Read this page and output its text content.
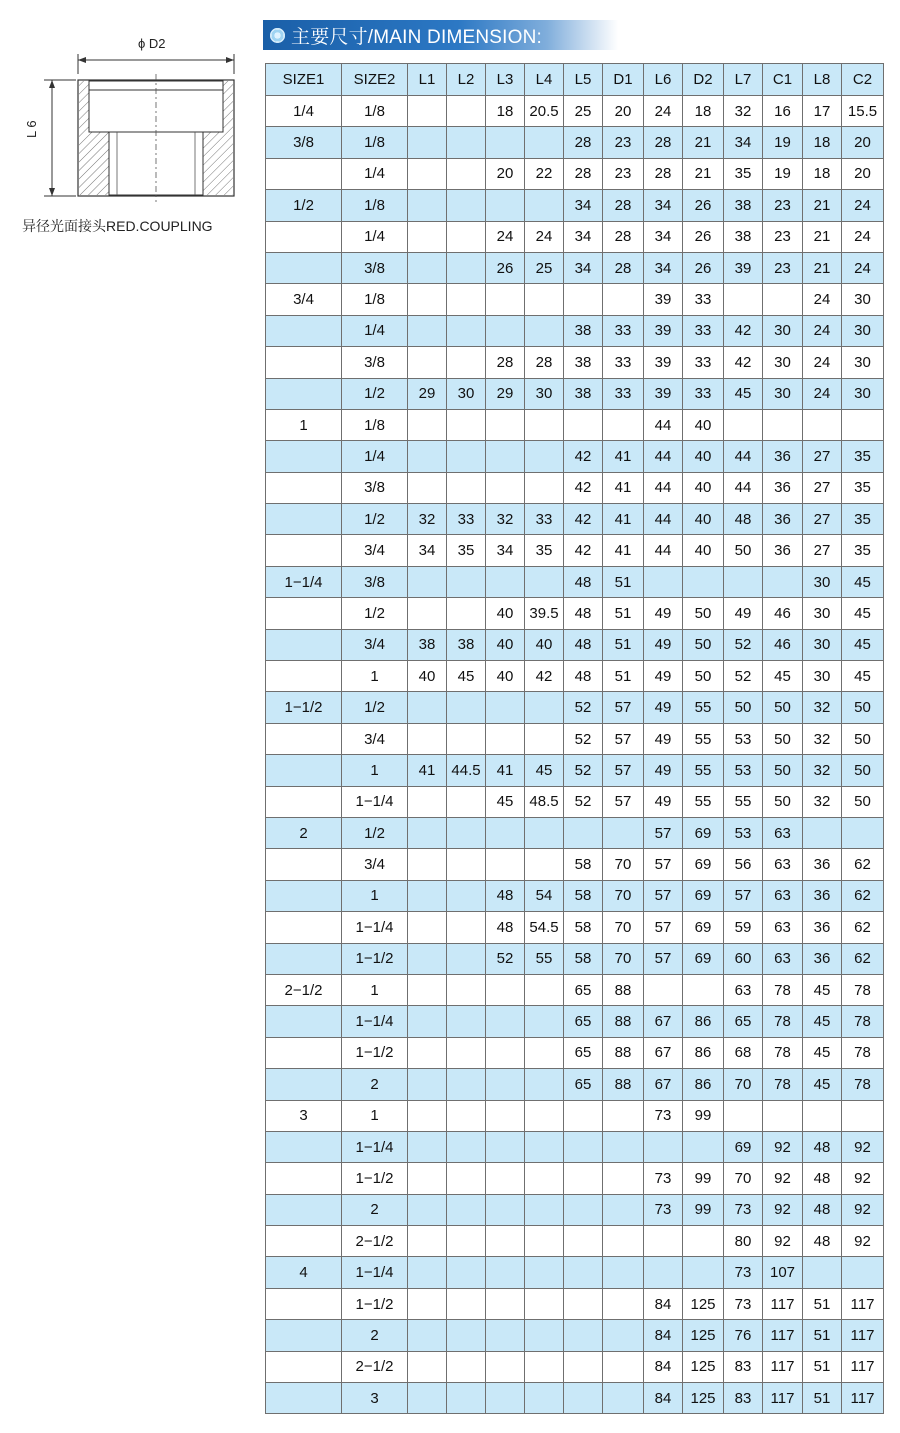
ϕ D2
L 6
异径光面接头RED.COUPLING
主要尺寸/MAIN DIMENSION:
SIZE1	SIZE2	L1	L2	L3	L4	L5	D1	L6	D2	L7	C1	L8	C2
1/4	1/8			18	20.5	25	20	24	18	32	16	17	15.5
3/8	1/8					28	23	28	21	34	19	18	20
	1/4			20	22	28	23	28	21	35	19	18	20
1/2	1/8					34	28	34	26	38	23	21	24
	1/4			24	24	34	28	34	26	38	23	21	24
	3/8			26	25	34	28	34	26	39	23	21	24
3/4	1/8							39	33			24	30
	1/4					38	33	39	33	42	30	24	30
	3/8			28	28	38	33	39	33	42	30	24	30
	1/2	29	30	29	30	38	33	39	33	45	30	24	30
1	1/8							44	40				
	1/4					42	41	44	40	44	36	27	35
	3/8					42	41	44	40	44	36	27	35
	1/2	32	33	32	33	42	41	44	40	48	36	27	35
	3/4	34	35	34	35	42	41	44	40	50	36	27	35
1−1/4	3/8					48	51					30	45
	1/2			40	39.5	48	51	49	50	49	46	30	45
	3/4	38	38	40	40	48	51	49	50	52	46	30	45
	1	40	45	40	42	48	51	49	50	52	45	30	45
1−1/2	1/2					52	57	49	55	50	50	32	50
	3/4					52	57	49	55	53	50	32	50
	1	41	44.5	41	45	52	57	49	55	53	50	32	50
	1−1/4			45	48.5	52	57	49	55	55	50	32	50
2	1/2							57	69	53	63		
	3/4					58	70	57	69	56	63	36	62
	1			48	54	58	70	57	69	57	63	36	62
	1−1/4			48	54.5	58	70	57	69	59	63	36	62
	1−1/2			52	55	58	70	57	69	60	63	36	62
2−1/2	1					65	88			63	78	45	78
	1−1/4					65	88	67	86	65	78	45	78
	1−1/2					65	88	67	86	68	78	45	78
	2					65	88	67	86	70	78	45	78
3	1							73	99				
	1−1/4									69	92	48	92
	1−1/2							73	99	70	92	48	92
	2							73	99	73	92	48	92
	2−1/2									80	92	48	92
4	1−1/4									73	107		
	1−1/2							84	125	73	117	51	117
	2							84	125	76	117	51	117
	2−1/2							84	125	83	117	51	117
	3							84	125	83	117	51	117
